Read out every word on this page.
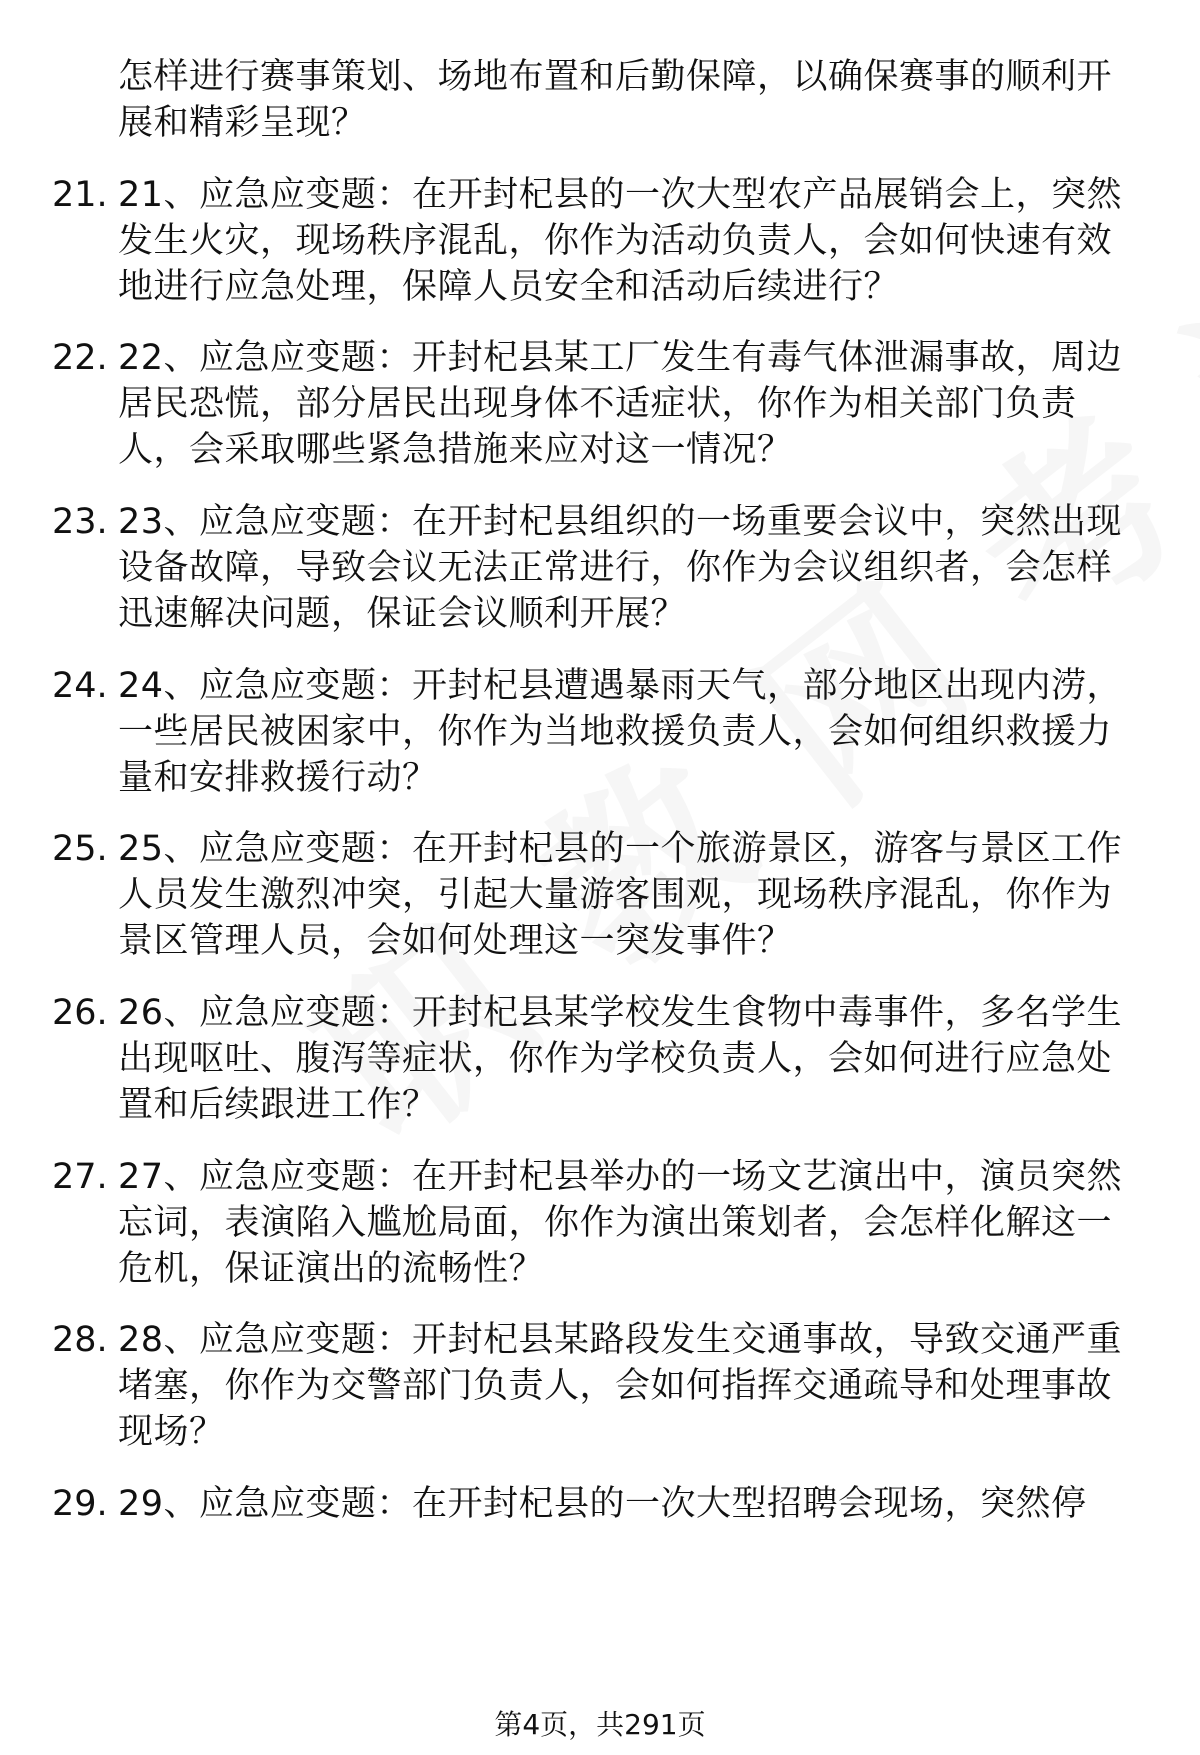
怎样进行赛事策划、场地布置和后勤保障，以确保赛事的顺利开
展和精彩呈现？
21. 21、应急应变题：在开封杞县的一次大型农产品展销会上，突然
发生火灾，现场秩序混乱，你作为活动负责人，会如何快速有效
地进行应急处理，保障人员安全和活动后续进行？
22. 22、应急应变题：开封杞县某工厂发生有毒气体泄漏事故，周边
居民恐慌，部分居民出现身体不适症状，你作为相关部门负责
人，会采取哪些紧急措施来应对这一情况？
23. 23、应急应变题：在开封杞县组织的一场重要会议中，突然出现
设备故障，导致会议无法正常进行，你作为会议组织者，会怎样
迅速解决问题，保证会议顺利开展？
24. 24、应急应变题：开封杞县遭遇暴雨天气，部分地区出现内涝，
一些居民被困家中，你作为当地救援负责人，会如何组织救援力
量和安排救援行动？
25. 25、应急应变题：在开封杞县的一个旅游景区，游客与景区工作
人员发生激烈冲突，引起大量游客围观，现场秩序混乱，你作为
景区管理人员，会如何处理这一突发事件？
26. 26、应急应变题：开封杞县某学校发生食物中毒事件，多名学生
出现呕吐、腹泻等症状，你作为学校负责人，会如何进行应急处
置和后续跟进工作？
27. 27、应急应变题：在开封杞县举办的一场文艺演出中，演员突然
忘词，表演陷入尴尬局面，你作为演出策划者，会怎样化解这一
危机，保证演出的流畅性？
28. 28、应急应变题：开封杞县某路段发生交通事故，导致交通严重
堵塞，你作为交警部门负责人，会如何指挥交通疏导和处理事故
现场？
29. 29、应急应变题：在开封杞县的一次大型招聘会现场，突然停
第4页，共291页
